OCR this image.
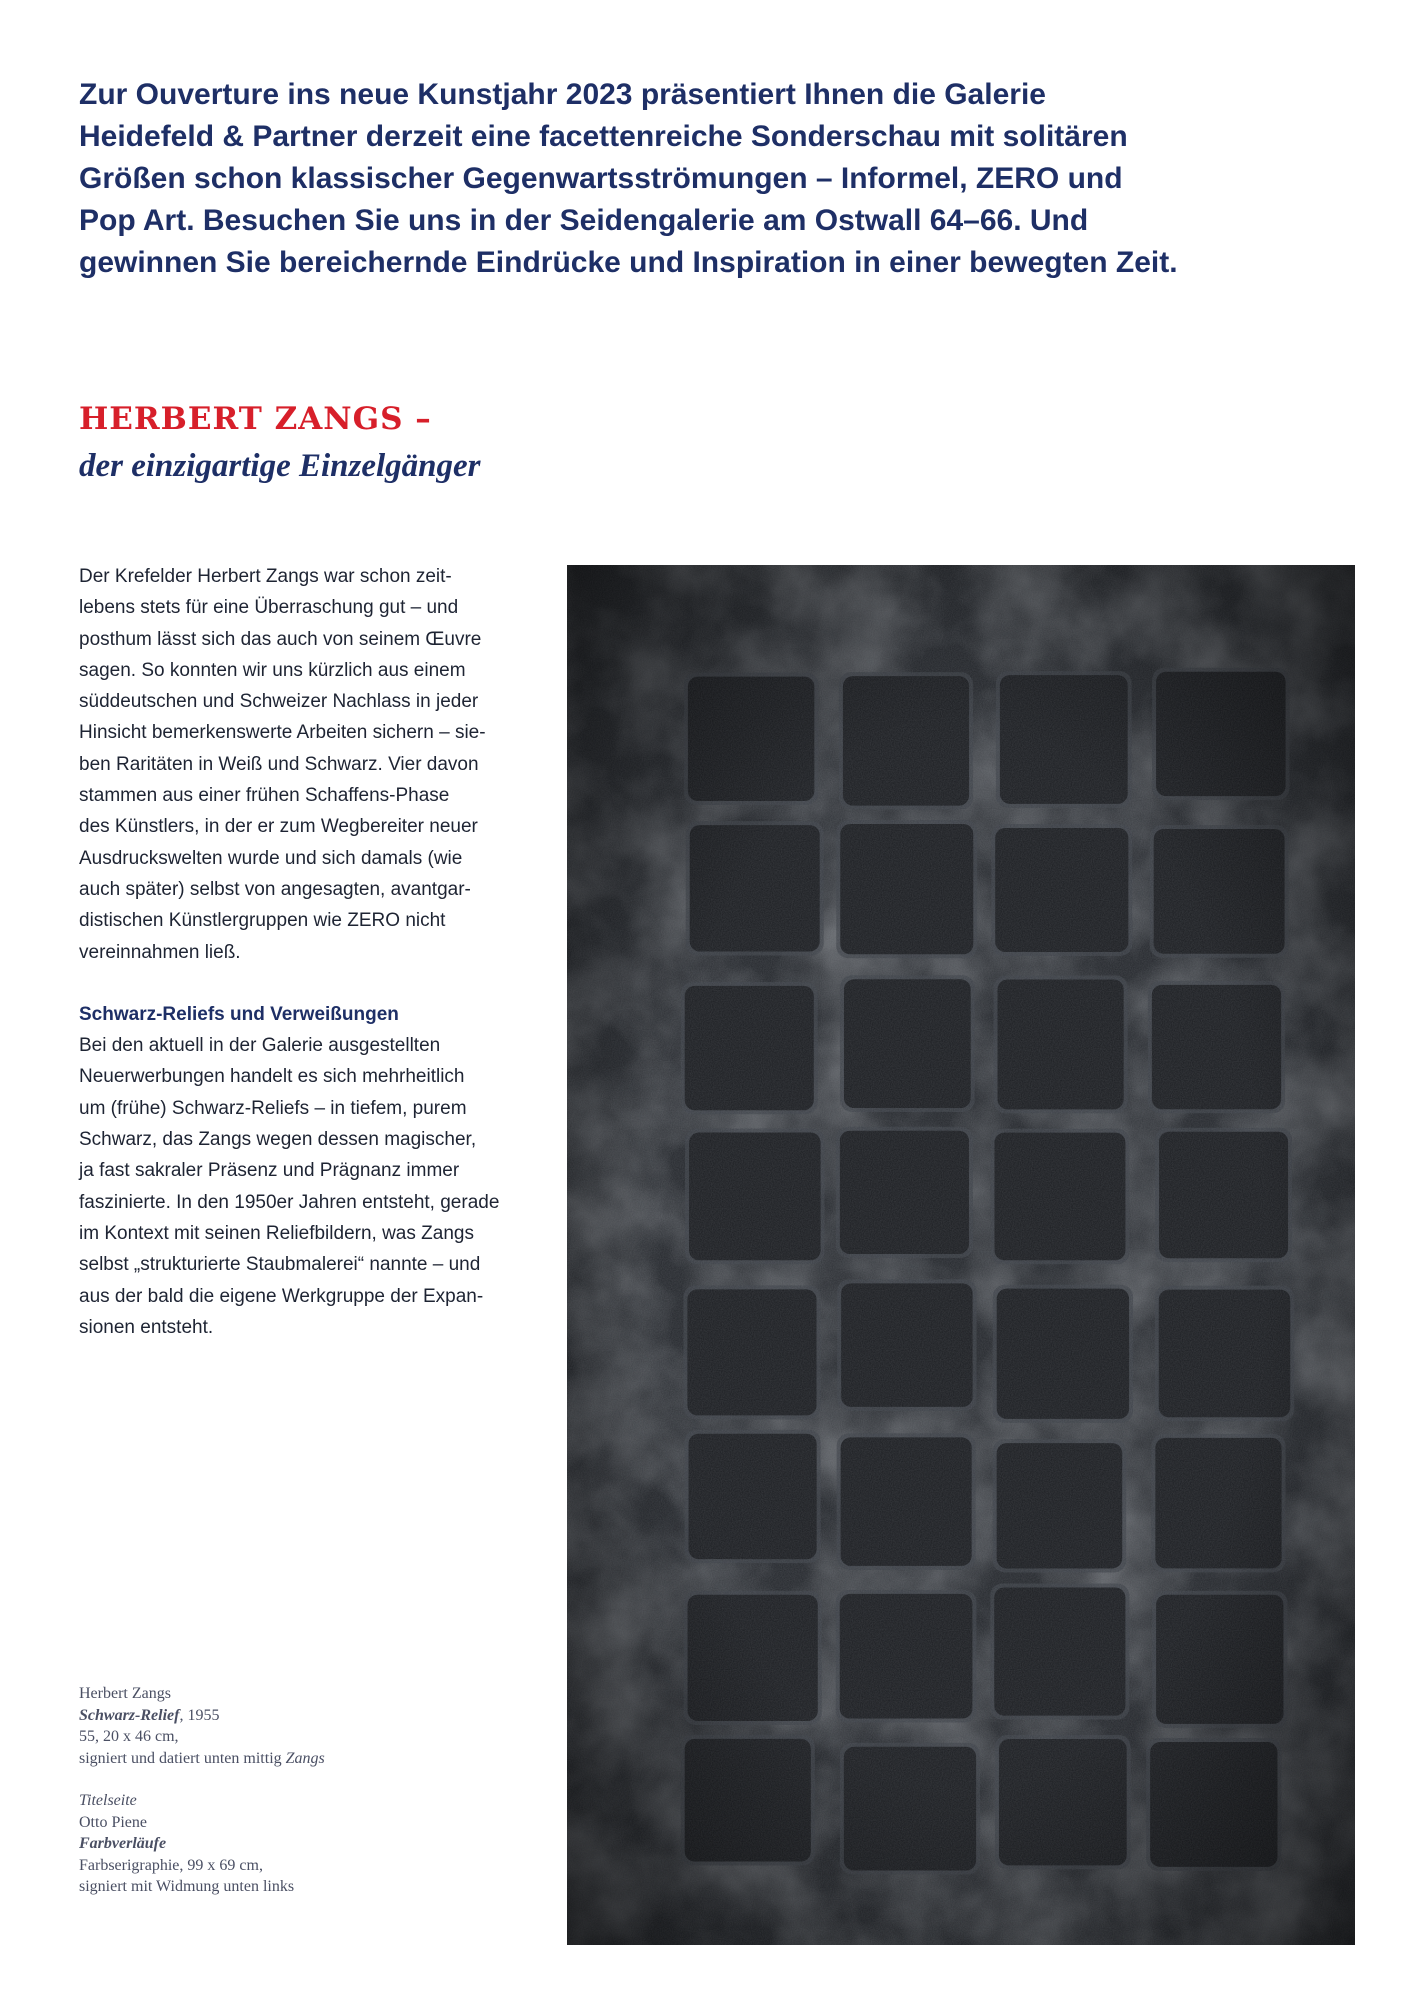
Zur Ouverture ins neue Kunstjahr 2023 präsentiert Ihnen die Galerie
Heidefeld & Partner derzeit eine facettenreiche Sonderschau mit solitären
Größen schon klassischer Gegenwartsströmungen – Informel, ZERO und
Pop Art. Besuchen Sie uns in der Seidengalerie am Ostwall 64–66. Und
gewinnen Sie bereichernde Eindrücke und Inspiration in einer bewegten Zeit.
HERBERT ZANGS –
der einzigartige Einzelgänger

Der Krefelder Herbert Zangs war schon zeit-
lebens stets für eine Überraschung gut – und
posthum lässt sich das auch von seinem Œuvre
sagen. So konnten wir uns kürzlich aus einem
süddeutschen und Schweizer Nachlass in jeder
Hinsicht bemerkenswerte Arbeiten sichern – sie-
ben Raritäten in Weiß und Schwarz. Vier davon
stammen aus einer frühen Schaffens-Phase
des Künstlers, in der er zum Wegbereiter neuer
Ausdruckswelten wurde und sich damals (wie
auch später) selbst von angesagten, avantgar-
distischen Künstlergruppen wie ZERO nicht
vereinnahmen ließ.

Schwarz-Reliefs und Verweißungen

Bei den aktuell in der Galerie ausgestellten
Neuerwerbungen handelt es sich mehrheitlich
um (frühe) Schwarz-Reliefs – in tiefem, purem
Schwarz, das Zangs wegen dessen magischer,
ja fast sakraler Präsenz und Prägnanz immer
faszinierte. In den 1950er Jahren entsteht, gerade
im Kontext mit seinen Reliefbildern, was Zangs
selbst „strukturierte Staubmalerei“ nannte – und
aus der bald die eigene Werkgruppe der Expan-
sionen entsteht.

Herbert Zangs
Schwarz-Relief, 1955
55, 20 x 46 cm,
signiert und datiert unten mittig Zangs
Titelseite
Otto Piene
Farbverläufe
Farbserigraphie, 99 x 69 cm,
signiert mit Widmung unten links
